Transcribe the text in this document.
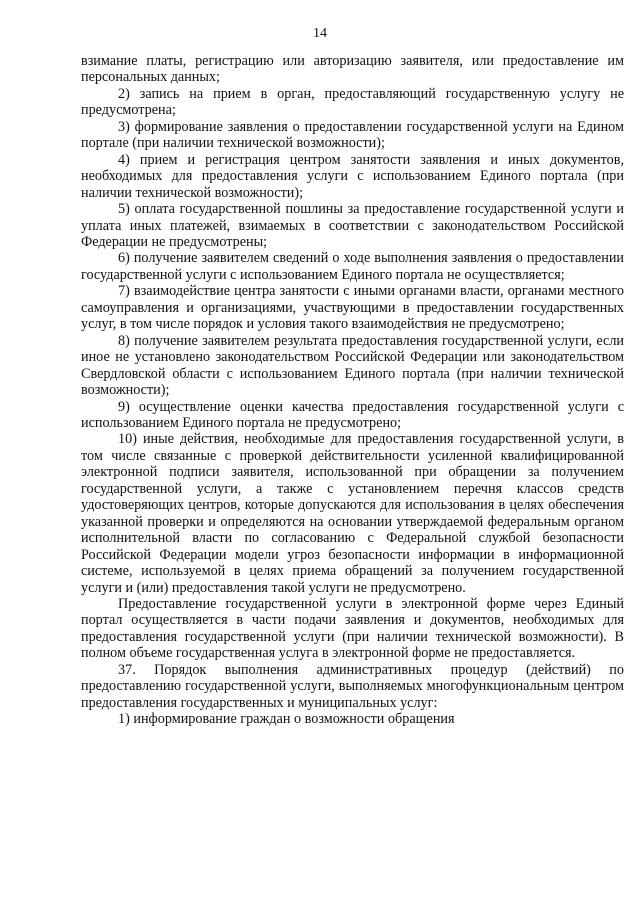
14

взимание платы, регистрацию или авторизацию заявителя, или предоставление им персональных данных;

2) запись на прием в орган, предоставляющий государственную услугу не предусмотрена;

3) формирование заявления о предоставлении государственной услуги на Едином портале (при наличии технической возможности);

4) прием и регистрация центром занятости заявления и иных документов, необходимых для предоставления услуги с использованием Единого портала (при наличии технической возможности);

5) оплата государственной пошлины за предоставление государственной услуги и уплата иных платежей, взимаемых в соответствии с законодательством Российской Федерации не предусмотрены;

6) получение заявителем сведений о ходе выполнения заявления о предоставлении государственной услуги с использованием Единого портала не осуществляется;

7) взаимодействие центра занятости с иными органами власти, органами местного самоуправления и организациями, участвующими в предоставлении государственных услуг, в том числе порядок и условия такого взаимодействия не предусмотрено;

8) получение заявителем результата предоставления государственной услуги, если иное не установлено законодательством Российской Федерации или законодательством Свердловской области с использованием Единого портала (при наличии технической возможности);

9) осуществление оценки качества предоставления государственной услуги с использованием Единого портала не предусмотрено;

10) иные действия, необходимые для предоставления государственной услуги, в том числе связанные с проверкой действительности усиленной квалифицированной электронной подписи заявителя, использованной при обращении за получением государственной услуги, а также с установлением перечня классов средств удостоверяющих центров, которые допускаются для использования в целях обеспечения указанной проверки и определяются на основании утверждаемой федеральным органом исполнительной власти по согласованию с Федеральной службой безопасности Российской Федерации модели угроз безопасности информации в информационной системе, используемой в целях приема обращений за получением государственной услуги и (или) предоставления такой услуги не предусмотрено.

Предоставление государственной услуги в электронной форме через Единый портал осуществляется в части подачи заявления и документов, необходимых для предоставления государственной услуги (при наличии технической возможности). В полном объеме государственная услуга в электронной форме не предоставляется.

37. Порядок выполнения административных процедур (действий) по предоставлению государственной услуги, выполняемых многофункциональным центром предоставления государственных и муниципальных услуг:

1) информирование граждан о возможности обращения
